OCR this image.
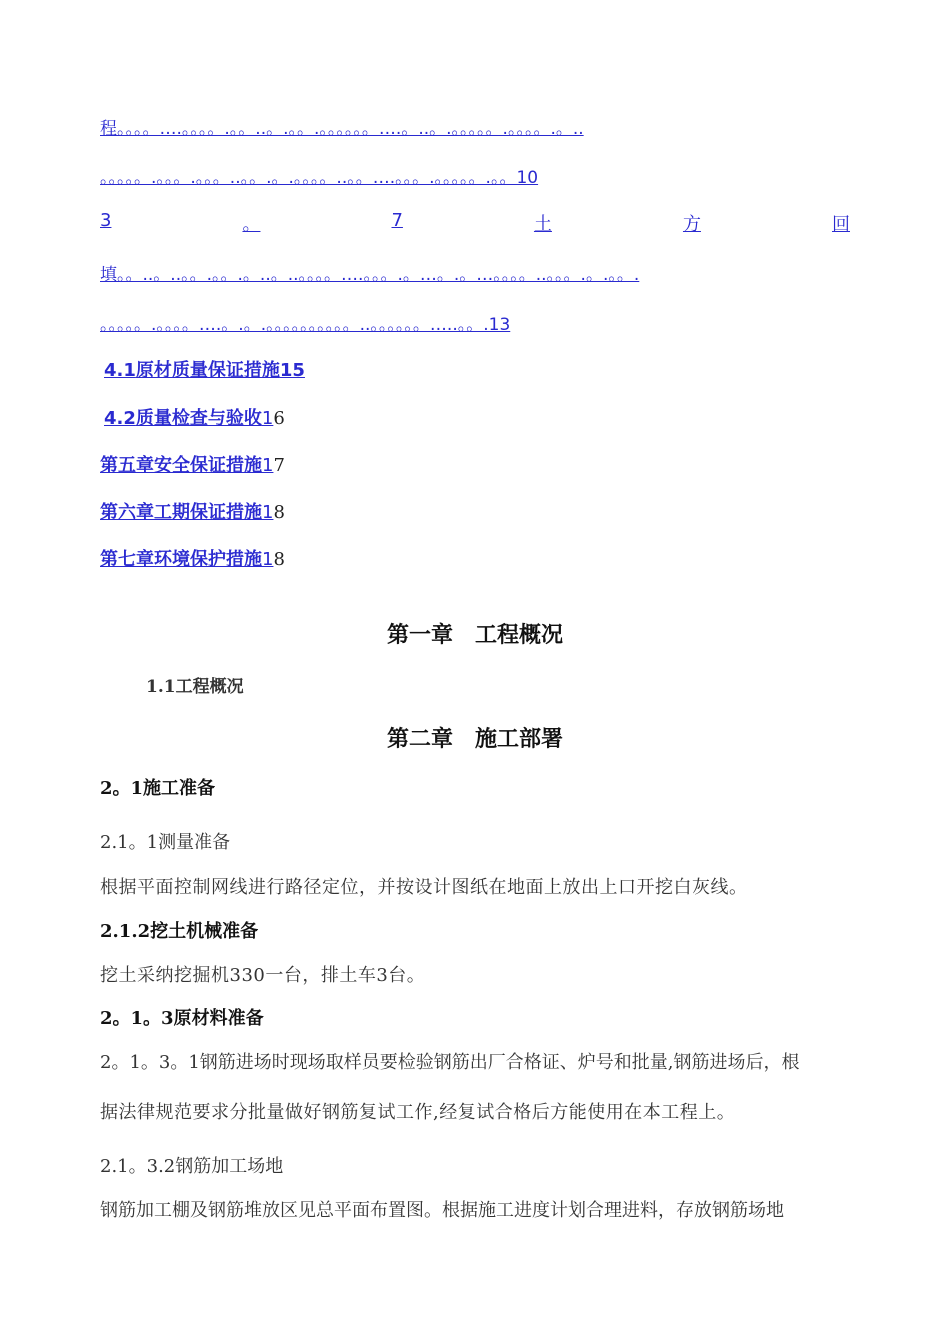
程。。。。….。。。。.。。..。.。。.。。。。。。….。..。.。。。。。.。。。。.。..
。。。。。.。。。.。。。..。。.。.。。。。..。。….。。。.。。。。。.。。10
3	。	7	土	方	回
填。。..。..。。.。。.。..。..。。。。….。。。.。…。.。…。。。。..。。。.。.。。.
。。。。。.。。。。….。.。.。。。。。。。。。。..。。。。。。…..。。.13
4.1原材质量保证措施15
4.2质量检查与验收16
第五章安全保证措施17
第六章工期保证措施18
第七章环境保护措施18
第一章　工程概况
1.1工程概况
第二章　施工部署
2。1施工准备
2.1。1测量准备
根据平面控制网线进行路径定位，并按设计图纸在地面上放出上口开挖白灰线。
2.1.2挖土机械准备
挖土采纳挖掘机330一台，排土车3台。
2。1。3原材料准备
2。1。3。1钢筋进场时现场取样员要检验钢筋出厂合格证、炉号和批量,钢筋进场后，根
据法律规范要求分批量做好钢筋复试工作,经复试合格后方能使用在本工程上。
2.1。3.2钢筋加工场地
钢筋加工棚及钢筋堆放区见总平面布置图。根据施工进度计划合理进料，存放钢筋场地
